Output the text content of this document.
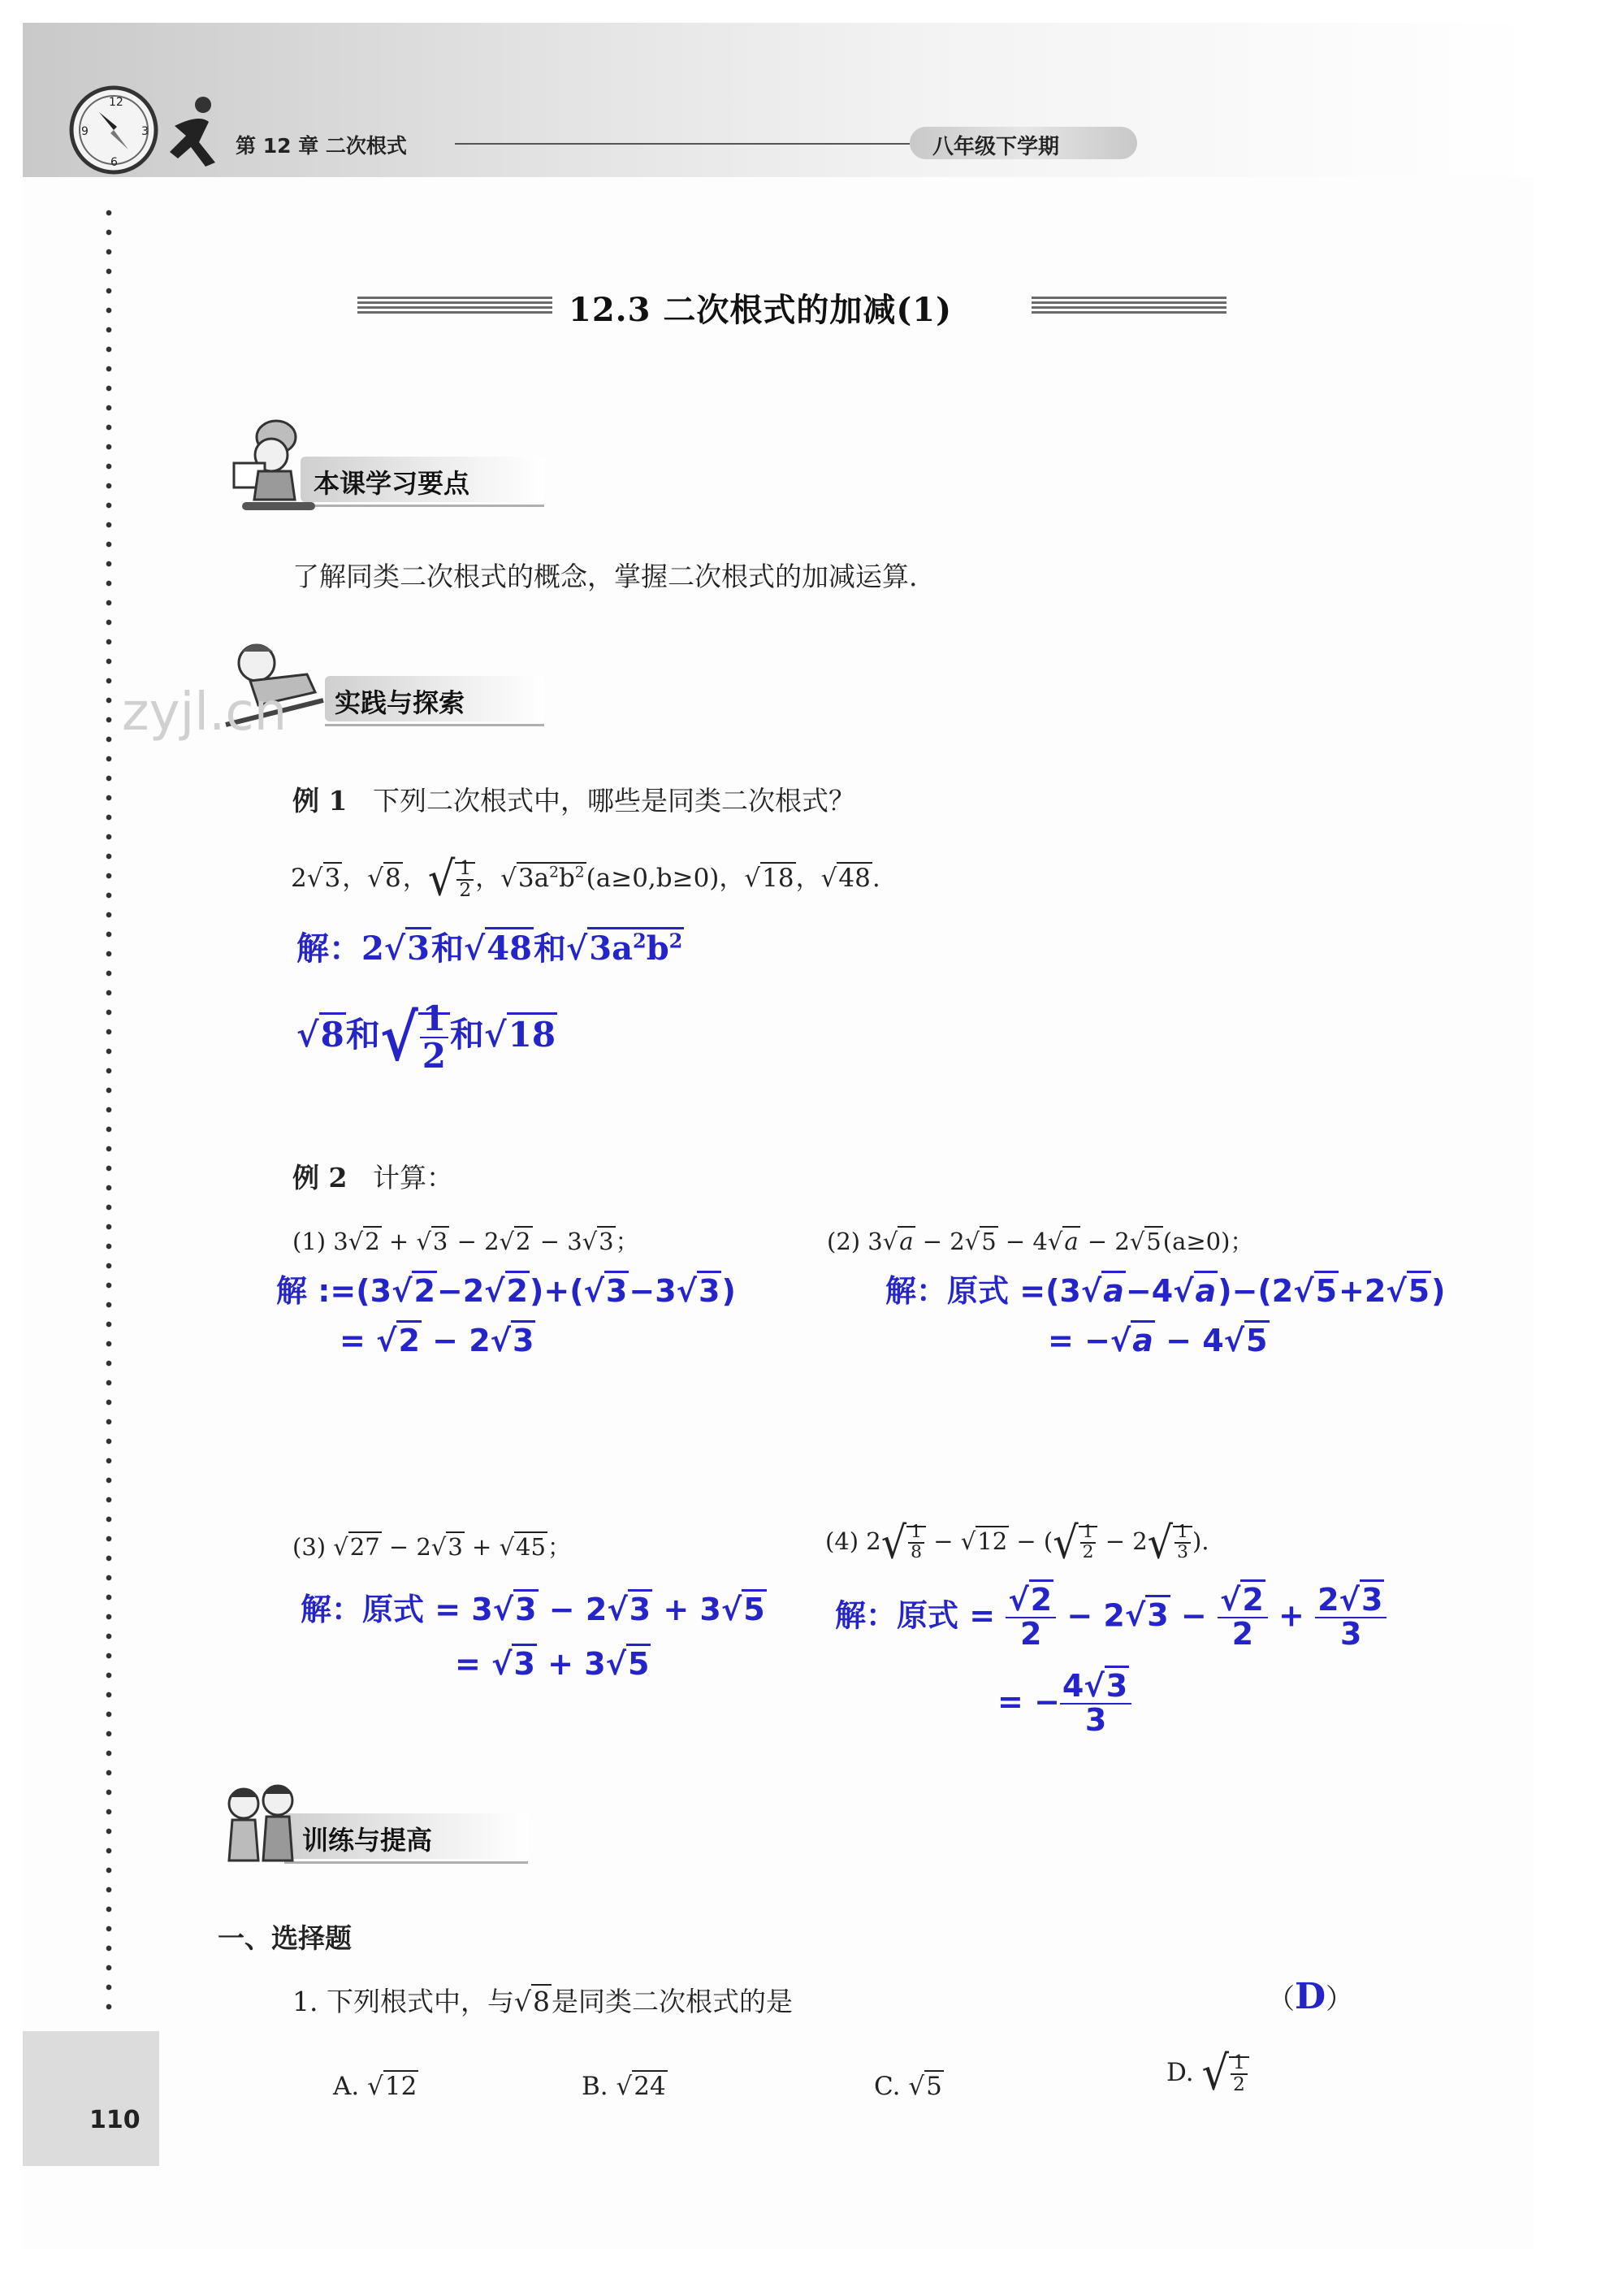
12
6
9	3
第 12 章 二次根式	八年级下学期
12.3 二次根式的加减(1)
本课学习要点
了解同类二次根式的概念，掌握二次根式的加减运算.
实践与探索
zyjl.cn
例 1 下列二次根式中，哪些是同类二次根式？
2√3，√8，√ $\frac{1}{2}$ ，$√3a^2b^2(a\ge 0,b\ge 0)$，√18，√48.
解：2√3和√48和$√3a^2b^2$
√8和√ $\frac{1}{2}$ 和√18
例 2 计算：
(1) 3√2 + √3 − 2√2 − 3√3；
解 :=(3√2−2√2)+(√3−3√3)
= √2 − 2√3
(2) 3√a − 2√5 − 4√a − 2√5(a≥0)；
解：原式 =(3√a−4√a)−(2√5+2√5)
= −√a − 4√5
(3) √27 − 2√3 + √45；
解：原式 = 3√3 − 2√3 + 3√5
= √3 + 3√5
(4) $2√ \frac{1}{8} - √12$ − (√ $\frac{1}{2} - 2√ \frac{1}{3}$ ).
解：原式 = $\frac{√2}{2} - 2√3 - \frac{√2}{2} + \frac{2√3}{3}$
= − $\frac{4√3}{3}$
训练与提高
一、选择题
1. 下列根式中，与√8是同类二次根式的是	（D）
A. √12	B. √24	C. √5	D. √ $\frac{1}{2}$
110
